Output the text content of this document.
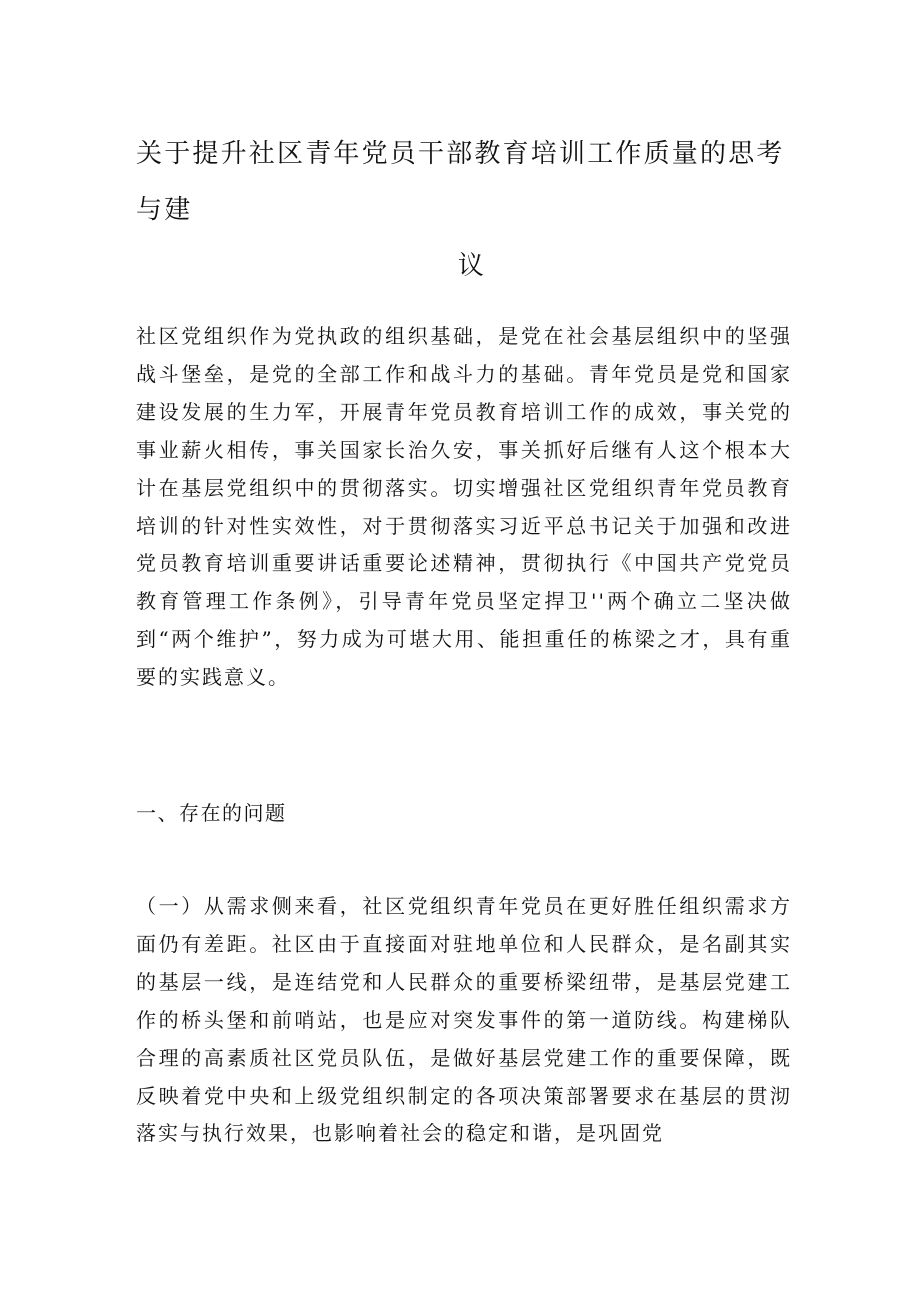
关于提升社区青年党员干部教育培训工作质量的思考与建
议

社区党组织作为党执政的组织基础，是党在社会基层组织中的坚强战斗堡垒，是党的全部工作和战斗力的基础。青年党员是党和国家建设发展的生力军，开展青年党员教育培训工作的成效，事关党的事业薪火相传，事关国家长治久安，事关抓好后继有人这个根本大计在基层党组织中的贯彻落实。切实增强社区党组织青年党员教育培训的针对性实效性，对于贯彻落实习近平总书记关于加强和改进党员教育培训重要讲话重要论述精神，贯彻执行《中国共产党党员教育管理工作条例》，引导青年党员坚定捍卫''两个确立二坚决做到“两个维护”，努力成为可堪大用、能担重任的栋梁之才，具有重要的实践意义。

一、存在的问题

（一）从需求侧来看，社区党组织青年党员在更好胜任组织需求方面仍有差距。社区由于直接面对驻地单位和人民群众，是名副其实的基层一线，是连结党和人民群众的重要桥梁纽带，是基层党建工作的桥头堡和前哨站，也是应对突发事件的第一道防线。构建梯队合理的高素质社区党员队伍，是做好基层党建工作的重要保障，既反映着党中央和上级党组织制定的各项决策部署要求在基层的贯沏落实与执行效果，也影响着社会的稳定和谐，是巩固党
